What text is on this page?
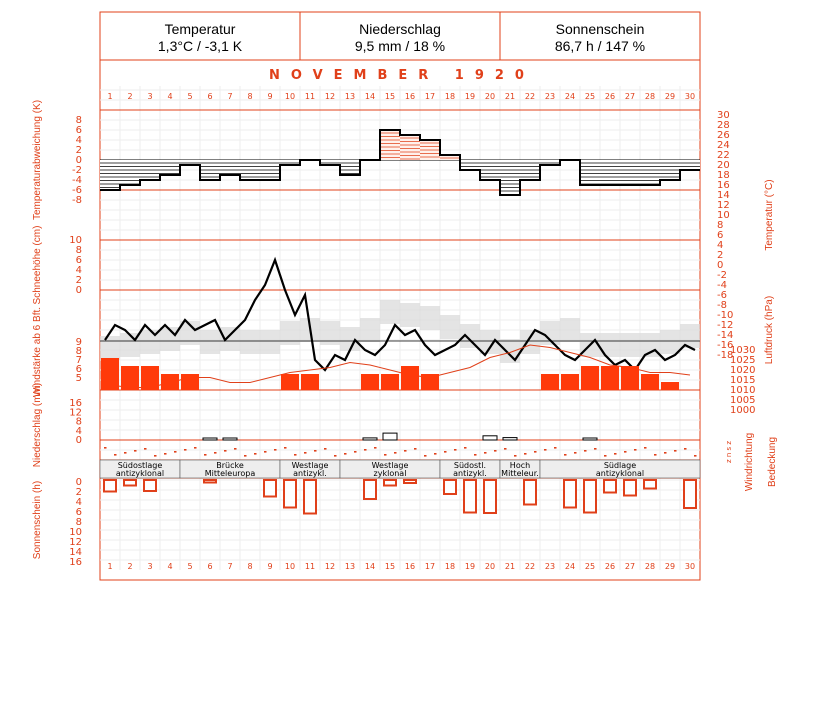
Temperatur
1,3°C / -3,1 K
Niederschlag
9,5 mm / 18 %
Sonnenschein
86,7 h / 147 %
NOVEMBER 1920
1
1
2
2
3
3
4
4
5
5
6
6
7
7
8
8
9
9
10
10
11
11
12
12
13
13
14
14
15
15
16
16
17
17
18
18
19
19
20
20
21
21
22
22
23
23
24
24
25
25
26
26
27
27
28
28
29
29
30
30
8
6
4
2
0
-2
-4
-6
-8
30
28
26
24
22
20
18
16
14
12
10
8
6
4
2
0
-2
-4
-6
-8
-10
-12
-14
-16
-18
10
8
6
4
2
0
1030
1025
1020
1015
1010
1005
1000
9
8
7
6
5
16
12
8
4
0
Südostlage
antizyklonal
Brücke
Mitteleuropa
Westlage
antizykl.
Westlage
zyklonal
Südostl.
antizykl.
Hoch
Mitteleur.
Südlage
antizyklonal
0
2
4
6
8
10
12
14
16
Temperaturabweichung (K)
Schneehöhe (cm)
Windstärke ab 6 Bft.
Niederschlag (mm)
Sonnenschein (h)
Temperatur (°C)
Luftdruck (hPa)
Windrichtung Bedeckung
z n s z
